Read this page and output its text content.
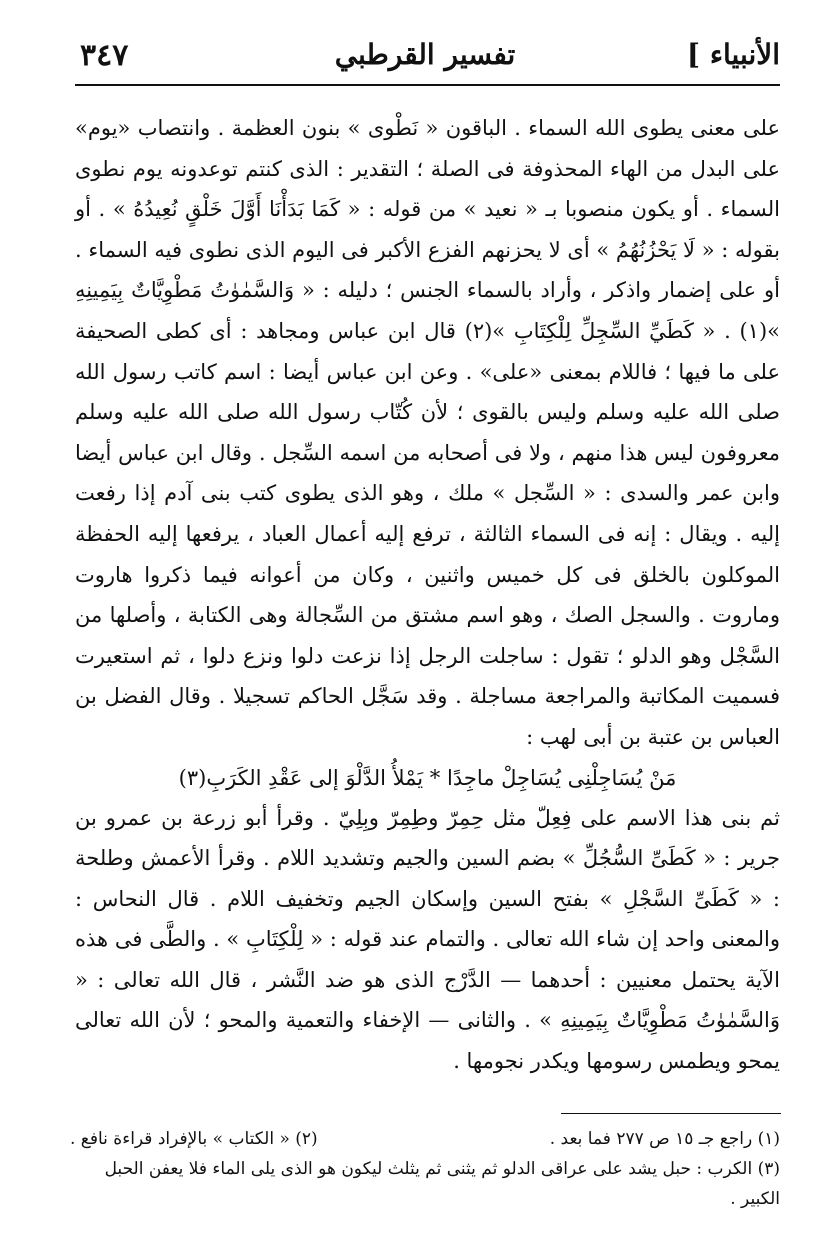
الأنبياء ]
تفسير القرطبي
٣٤٧

على معنى يطوى الله السماء . الباقون « نَطْوى » بنون العظمة . وانتصاب «يوم» على البدل من الهاء المحذوفة فى الصلة ؛ التقدير : الذى كنتم توعدونه يوم نطوى السماء . أو يكون منصوبا بـ « نعيد » من قوله : « كَمَا بَدَأْنَا أَوَّلَ خَلْقٍ نُعِيدُهُ » . أو بقوله : « لَا يَحْزُنُهُمُ » أى لا يحزنهم الفزع الأكبر فى اليوم الذى نطوى فيه السماء . أو على إضمار واذكر ، وأراد بالسماء الجنس ؛ دليله : « وَالسَّمٰوٰتُ مَطْوِيَّاتٌ بِيَمِينِهِ »(١) . « كَطَيِّ السِّجِلِّ لِلْكِتَابِ »(٢) قال ابن عباس ومجاهد : أى كطى الصحيفة على ما فيها ؛ فاللام بمعنى «على» . وعن ابن عباس أيضا : اسم كاتب رسول الله صلى الله عليه وسلم وليس بالقوى ؛ لأن كُتّاب رسول الله صلى الله عليه وسلم معروفون ليس هذا منهم ، ولا فى أصحابه من اسمه السِّجل . وقال ابن عباس أيضا وابن عمر والسدى : « السِّجل » ملك ، وهو الذى يطوى كتب بنى آدم إذا رفعت إليه . ويقال : إنه فى السماء الثالثة ، ترفع إليه أعمال العباد ، يرفعها إليه الحفظة الموكلون بالخلق فى كل خميس واثنين ، وكان من أعوانه فيما ذكروا هاروت وماروت . والسجل الصك ، وهو اسم مشتق من السِّجالة وهى الكتابة ، وأصلها من السَّجْل وهو الدلو ؛ تقول : ساجلت الرجل إذا نزعت دلوا ونزع دلوا ، ثم استعيرت فسميت المكاتبة والمراجعة مساجلة . وقد سَجَّل الحاكم تسجيلا . وقال الفضل بن العباس بن عتبة بن أبى لهب :

مَنْ يُسَاجِلْنِى يُسَاجِلْ ماجِدًا * يَمْلأُ الدَّلْوَ إلى عَقْدِ الكَرَبِ(٣)

ثم بنى هذا الاسم على فِعِلّ مثل حِمِرّ وطِمِرّ وبِلِيّ . وقرأ أبو زرعة بن عمرو بن جرير : « كَطَىِّ السُّجُلِّ » بضم السين والجيم وتشديد اللام . وقرأ الأعمش وطلحة : « كَطَىِّ السَّجْلِ » بفتح السين وإسكان الجيم وتخفيف اللام . قال النحاس : والمعنى واحد إن شاء الله تعالى . والتمام عند قوله : « لِلْكِتَابِ » . والطَّى فى هذه الآية يحتمل معنيين : أحدهما — الدَّرْج الذى هو ضد النَّشر ، قال الله تعالى : « وَالسَّمٰوٰتُ مَطْوِيَّاتٌ بِيَمِينِهِ » . والثانى — الإخفاء والتعمية والمحو ؛ لأن الله تعالى يمحو ويطمس رسومها ويكدر نجومها .

(١) راجع جـ ١٥ ص ٢٧٧ فما بعد .
(٢) « الكتاب » بالإفراد قراءة نافع .
(٣) الكرب : حبل يشد على عراقى الدلو ثم يثنى ثم يثلث ليكون هو الذى يلى الماء فلا يعفن الحبل الكبير .
